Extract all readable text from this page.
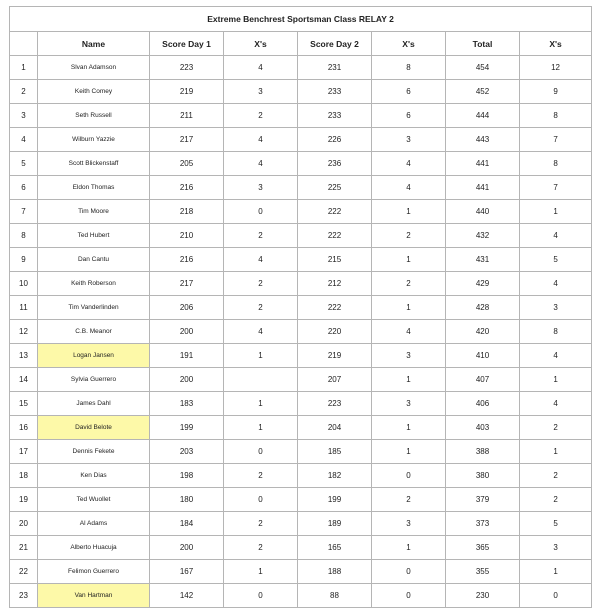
Extreme Benchrest Sportsman Class RELAY 2							
	Name	Score Day 1	X's	Score Day 2	X's	Total	X's
1	Slvan Adamson	223	4	231	8	454	12
2	Keith Comey	219	3	233	6	452	9
3	Seth Russell	211	2	233	6	444	8
4	Wilburn Yazzie	217	4	226	3	443	7
5	Scott Blickenstaff	205	4	236	4	441	8
6	Eldon Thomas	216	3	225	4	441	7
7	Tim Moore	218	0	222	1	440	1
8	Ted Hubert	210	2	222	2	432	4
9	Dan Cantu	216	4	215	1	431	5
10	Keith Roberson	217	2	212	2	429	4
11	Tim Vanderlinden	206	2	222	1	428	3
12	C.B. Meanor	200	4	220	4	420	8
13	Logan Jansen	191	1	219	3	410	4
14	Sylvia Guerrero	200		207	1	407	1
15	James Dahl	183	1	223	3	406	4
16	David Belote	199	1	204	1	403	2
17	Dennis Fekete	203	0	185	1	388	1
18	Ken Dias	198	2	182	0	380	2
19	Ted Wuollet	180	0	199	2	379	2
20	Al Adams	184	2	189	3	373	5
21	Alberto Huacuja	200	2	165	1	365	3
22	Felimon Guerrero	167	1	188	0	355	1
23	Van Hartman	142	0	88	0	230	0
